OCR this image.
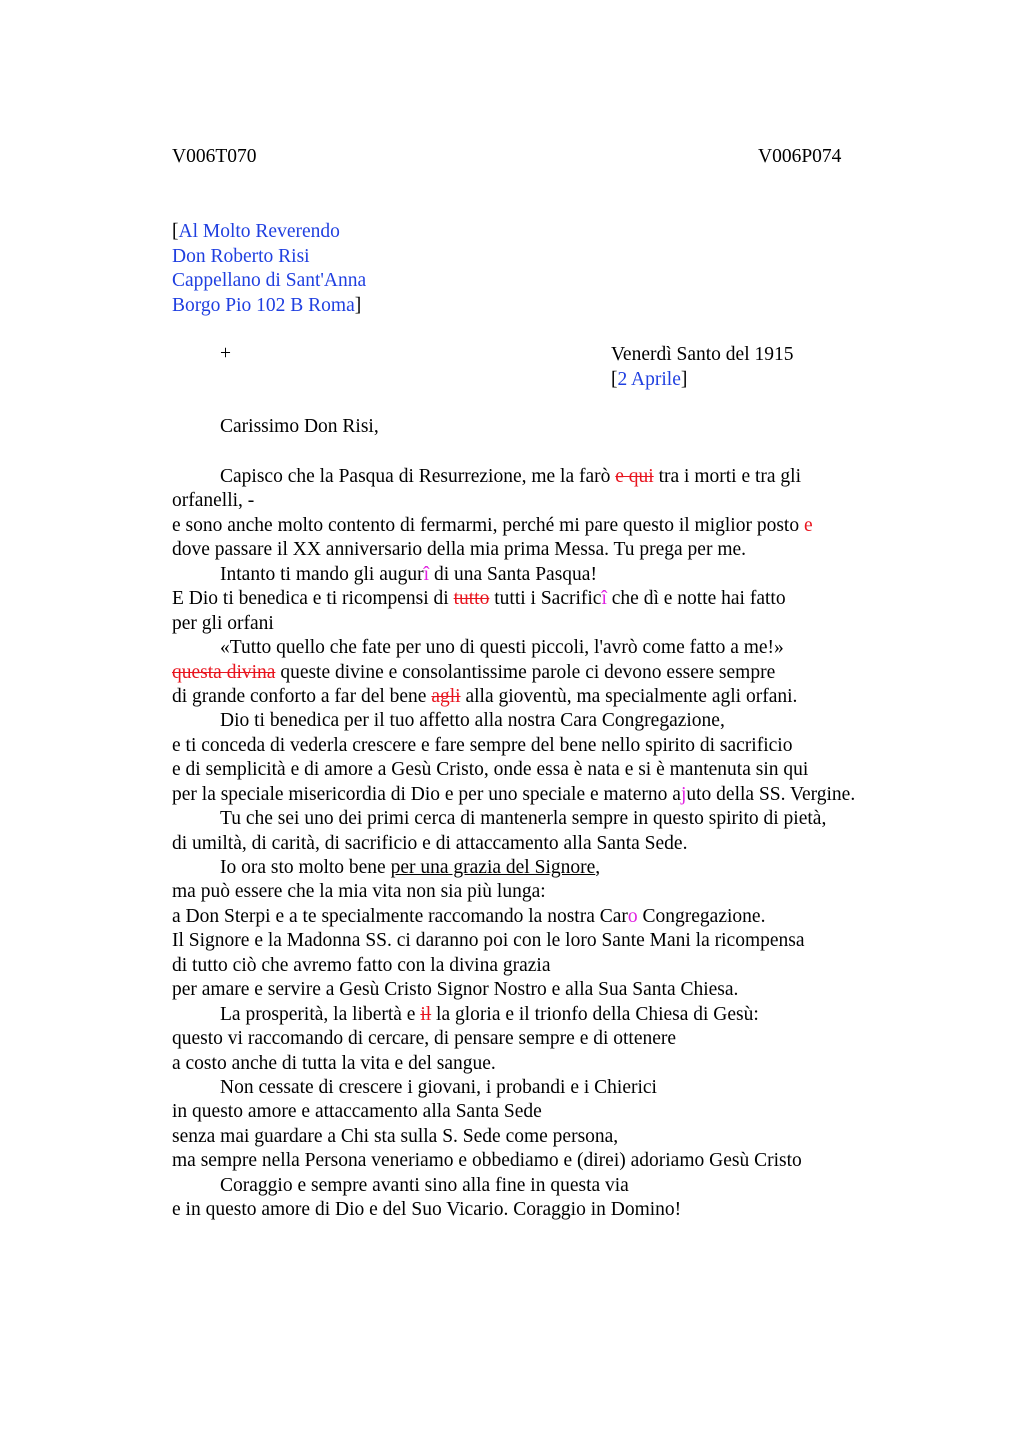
V006T070	V006P074
[Al Molto Reverendo
Don Roberto Risi
Cappellano di Sant'Anna
Borgo Pio 102 B Roma]
+	Venerdì Santo del 1915
[2 Aprile]
Carissimo Don Risi,
Capisco che la Pasqua di Resurrezione, me la farò e qui tra i morti e tra gli
orfanelli, -
e sono anche molto contento di fermarmi, perché mi pare questo il miglior posto e
dove passare il XX anniversario della mia prima Messa. Tu prega per me.
Intanto ti mando gli augurî di una Santa Pasqua!
E Dio ti benedica e ti ricompensi di tutto tutti i Sacrificî che dì e notte hai fatto
per gli orfani
«Tutto quello che fate per uno di questi piccoli, l'avrò come fatto a me!»
questa divina queste divine e consolantissime parole ci devono essere sempre
di grande conforto a far del bene agli alla gioventù, ma specialmente agli orfani.
Dio ti benedica per il tuo affetto alla nostra Cara Congregazione,
e ti conceda di vederla crescere e fare sempre del bene nello spirito di sacrificio
e di semplicità e di amore a Gesù Cristo, onde essa è nata e si è mantenuta sin qui
per la speciale misericordia di Dio e per uno speciale e materno ajuto della SS. Vergine.
Tu che sei uno dei primi cerca di mantenerla sempre in questo spirito di pietà,
di umiltà, di carità, di sacrificio e di attaccamento alla Santa Sede.
Io ora sto molto bene per una grazia del Signore,
ma può essere che la mia vita non sia più lunga:
a Don Sterpi e a te specialmente raccomando la nostra Caro Congregazione.
Il Signore e la Madonna SS. ci daranno poi con le loro Sante Mani la ricompensa
di tutto ciò che avremo fatto con la divina grazia
per amare e servire a Gesù Cristo Signor Nostro e alla Sua Santa Chiesa.
La prosperità, la libertà e il la gloria e il trionfo della Chiesa di Gesù:
questo vi raccomando di cercare, di pensare sempre e di ottenere
a costo anche di tutta la vita e del sangue.
Non cessate di crescere i giovani, i probandi e i Chierici
in questo amore e attaccamento alla Santa Sede
senza mai guardare a Chi sta sulla S. Sede come persona,
ma sempre nella Persona veneriamo e obbediamo e (direi) adoriamo Gesù Cristo
Coraggio e sempre avanti sino alla fine in questa via
e in questo amore di Dio e del Suo Vicario. Coraggio in Domino!
